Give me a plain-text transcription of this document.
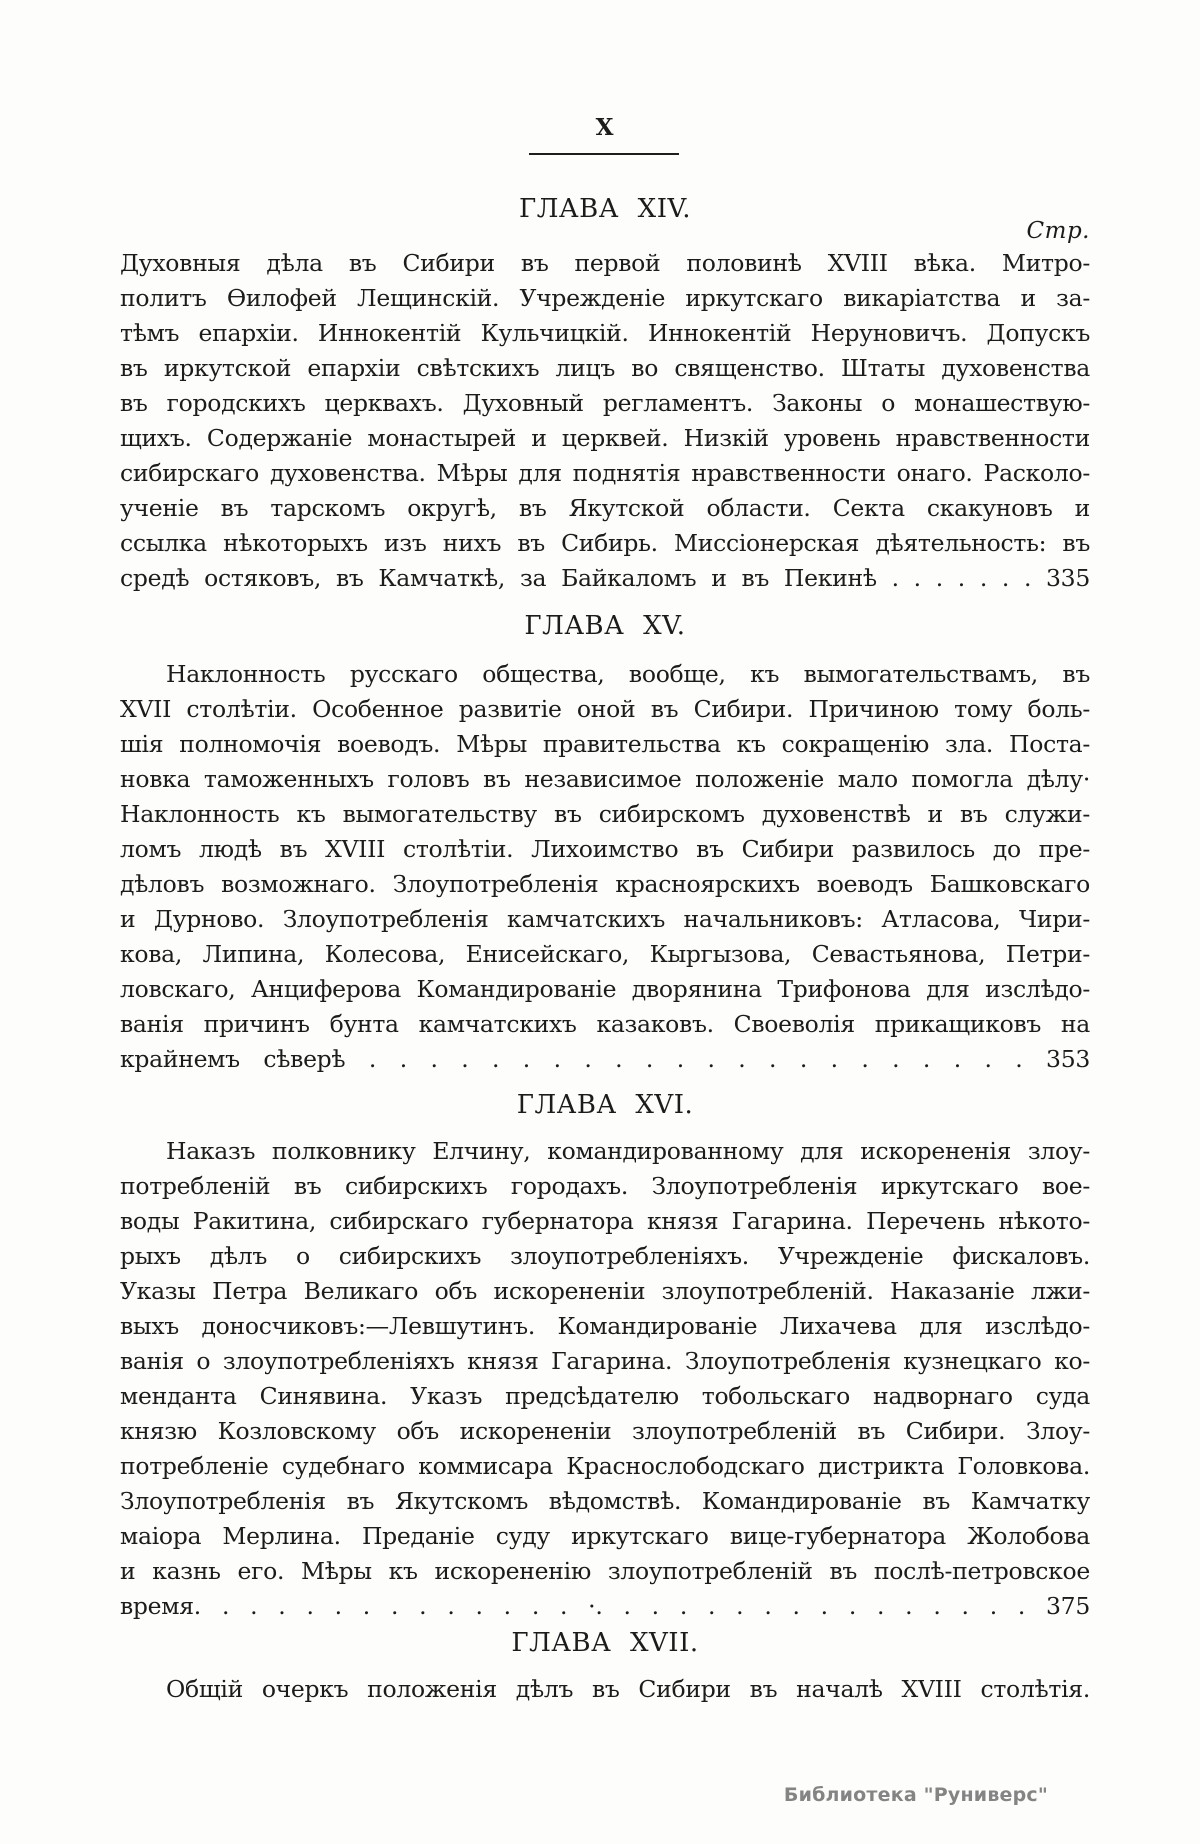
X
ГЛАВА XIV.
Стр.
Духовныя дѣла въ Сибири въ первой половинѣ XVIII вѣка. Митро-
политъ Ѳилофей Лещинскій. Учрежденіе иркутскаго викаріатства и за-
тѣмъ епархіи. Иннокентій Кульчицкій. Иннокентій Неруновичъ. Допускъ
въ иркутской епархіи свѣтскихъ лицъ во священство. Штаты духовенства
въ городскихъ церквахъ. Духовный регламентъ. Законы о монашествую-
щихъ. Содержаніе монастырей и церквей. Низкій уровень нравственности
сибирскаго духовенства. Мѣры для поднятія нравственности онаго. Расколо-
ученіе въ тарскомъ округѣ, въ Якутской области. Секта скакуновъ и
ссылка нѣкоторыхъ изъ нихъ въ Сибирь. Миссіонерская дѣятельность: въ
средѣ остяковъ, въ Камчаткѣ, за Байкаломъ и въ Пекинѣ . . . . . . . 335
ГЛАВА XV.
Наклонность русскаго общества, вообще, къ вымогательствамъ, въ
XVII столѣтіи. Особенное развитіе оной въ Сибири. Причиною тому боль-
шія полномочія воеводъ. Мѣры правительства къ сокращенію зла. Поста-
новка таможенныхъ головъ въ независимое положеніе мало помогла дѣлу·
Наклонность къ вымогательству въ сибирскомъ духовенствѣ и въ служи-
ломъ людѣ въ XVIII столѣтіи. Лихоимство въ Сибири развилось до пре-
дѣловъ возможнаго. Злоупотребленія красноярскихъ воеводъ Башковскаго
и Дурново. Злоупотребленія камчатскихъ начальниковъ: Атласова, Чири-
кова, Липина, Колесова, Енисейскаго, Кыргызова, Севастьянова, Петри-
ловскаго, Анциферова Командированіе дворянина Трифонова для изслѣдо-
ванія причинъ бунта камчатскихъ казаковъ. Своеволія прикащиковъ на
крайнемъ сѣверѣ . . . . . . . . . . . . . . . . . . . . . . 353
ГЛАВА XVI.
Наказъ полковнику Елчину, командированному для искорененія злоу-
потребленій въ сибирскихъ городахъ. Злоупотребленія иркутскаго вое-
воды Ракитина, сибирскаго губернатора князя Гагарина. Перечень нѣкото-
рыхъ дѣлъ о сибирскихъ злоупотребленіяхъ. Учрежденіе фискаловъ.
Указы Петра Великаго объ искорененіи злоупотребленій. Наказаніе лжи-
выхъ доносчиковъ:—Левшутинъ. Командированіе Лихачева для изслѣдо-
ванія о злоупотребленіяхъ князя Гагарина. Злоупотребленія кузнецкаго ко-
менданта Синявина. Указъ предсѣдателю тобольскаго надворнаго суда
князю Козловскому объ искорененіи злоупотребленій въ Сибири. Злоу-
потребленіе судебнаго коммисара Краснослободскаго дистрикта Головкова.
Злоупотребленія въ Якутскомъ вѣдомствѣ. Командированіе въ Камчатку
маіора Мерлина. Преданіе суду иркутскаго вице-губернатора Жолобова
и казнь его. Мѣры къ искорененію злоупотребленій въ послѣ-петровское
время. . . . . . . . . . . . . . ·. . . . . . . . . . . . . . . . 375
ГЛАВА XVII.
Общій очеркъ положенія дѣлъ въ Сибири въ началѣ XVIII столѣтія.
Библиотека "Руниверс"
